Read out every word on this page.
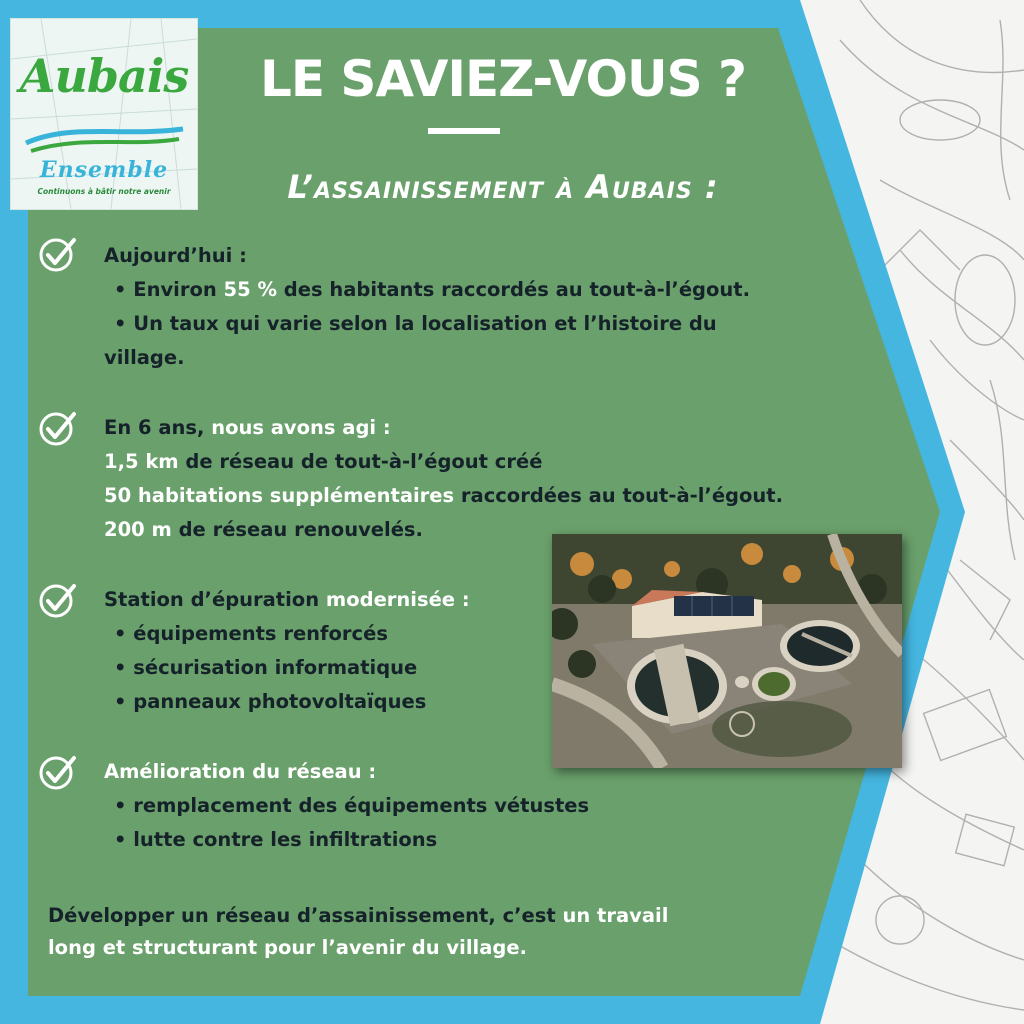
Aubais
Ensemble
Continuons à bâtir notre avenir
LE SAVIEZ-VOUS ?
L’assainissement à Aubais :
Aujourd’hui :
• Environ 55 % des habitants raccordés au tout-à-l’égout.
• Un taux qui varie selon la localisation et l’histoire du
village.
En 6 ans, nous avons agi :
1,5 km de réseau de tout-à-l’égout créé
50 habitations supplémentaires raccordées au tout-à-l’égout.
200 m de réseau renouvelés.
Station d’épuration modernisée :
• équipements renforcés
• sécurisation informatique
• panneaux photovoltaïques
Amélioration du réseau :
• remplacement des équipements vétustes
• lutte contre les infiltrations
Développer un réseau d’assainissement, c’est un travail
long et structurant pour l’avenir du village.
